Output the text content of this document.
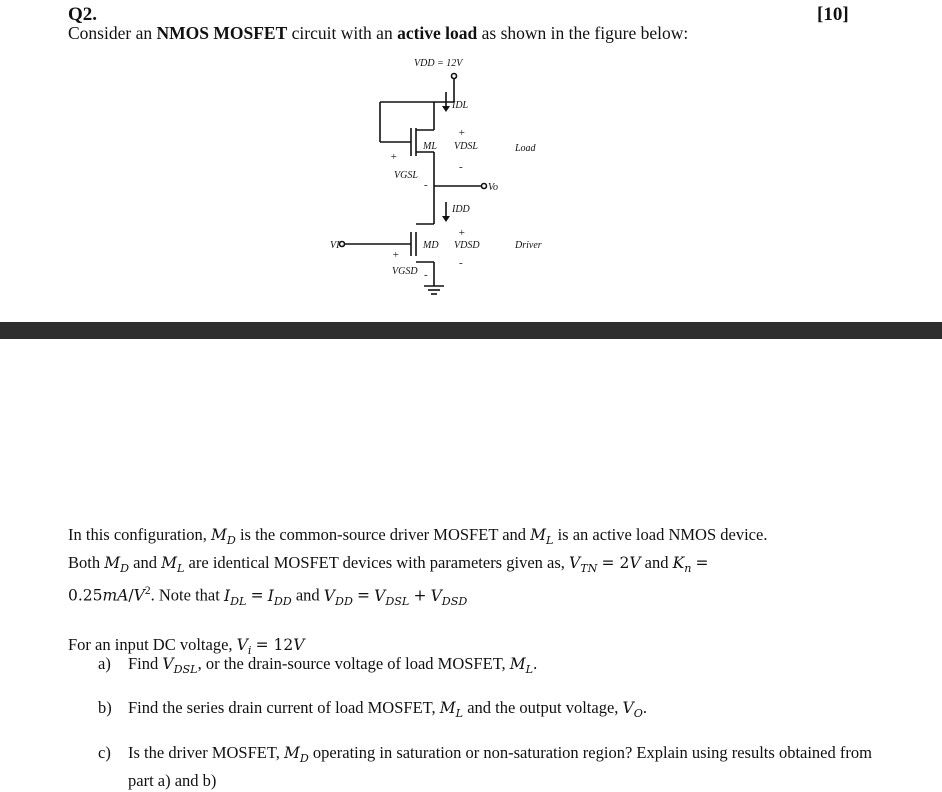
Q2.	[10]
Consider an NMOS MOSFET circuit with an active load as shown in the figure below:
VDD = 12V
IDL
ML VDSL	Load
VGSL
Vo
IDD
VI	MD VDSD	Driver
VGSD
+
-
+
-
+
-
+
-

In this configuration, $M_D$ is the common-source driver MOSFET and $M_L$ is an active load NMOS device.

Both $M_D$ and $M_L$ are identical MOSFET devices with parameters given as, $V_{TN} = 2V$ and $K_n$ =

$0.25mA/V^2$. Note that $I_{DL} = I_{DD}$ and $V_{DD} = V_{DSL} + V_{DSD}$

For an input DC voltage, $V_i = 12V$

a) Find $V_{DSL}$, or the drain-source voltage of load MOSFET, $M_L$.
b) Find the series drain current of load MOSFET, $M_L$ and the output voltage, $V_O$.
c) Is the driver MOSFET, $M_D$ operating in saturation or non-saturation region? Explain using results obtained from part a) and b)
